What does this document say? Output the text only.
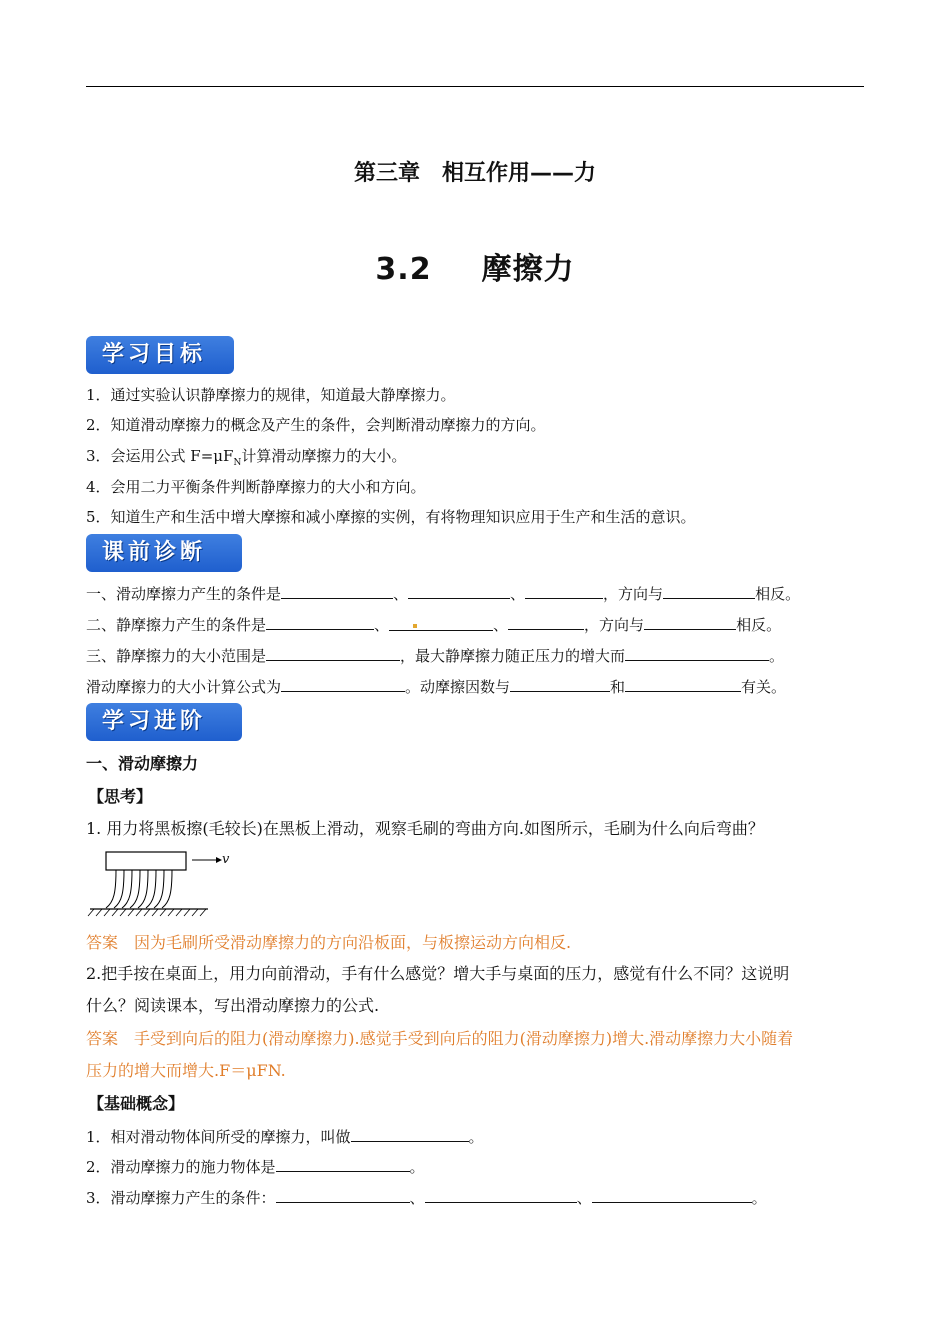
第三章　相互作用——力
3.2 摩擦力
学习目标
1．通过实验认识静摩擦力的规律，知道最大静摩擦力。
2．知道滑动摩擦力的概念及产生的条件，会判断滑动摩擦力的方向。
3．会运用公式 $F=\mu F_N$计算滑动摩擦力的大小。
4．会用二力平衡条件判断静摩擦力的大小和方向。
5．知道生产和生活中增大摩擦和减小摩擦的实例，有将物理知识应用于生产和生活的意识。
课前诊断
一、滑动摩擦力产生的条件是	、	、	，方向与	相反。
二、静摩擦力产生的条件是	、	、	，方向与	相反。
三、静摩擦力的大小范围是	，最大静摩擦力随正压力的增大而	。
滑动摩擦力的大小计算公式为	。动摩擦因数与	和	有关。
学习进阶
一、滑动摩擦力
【思考】
1. 用力将黑板擦(毛较长)在黑板上滑动，观察毛刷的弯曲方向.如图所示，毛刷为什么向后弯曲？
v
答案 因为毛刷所受滑动摩擦力的方向沿板面，与板擦运动方向相反.
2.把手按在桌面上，用力向前滑动，手有什么感觉？增大手与桌面的压力，感觉有什么不同？这说明
什么？阅读课本，写出滑动摩擦力的公式.
答案 手受到向后的阻力(滑动摩擦力).感觉手受到向后的阻力(滑动摩擦力)增大.滑动摩擦力大小随着
压力的增大而增大.F＝μFN.
【基础概念】
1．相对滑动物体间所受的摩擦力，叫做	。
2．滑动摩擦力的施力物体是	。
3．滑动摩擦力产生的条件：	、	、	。
